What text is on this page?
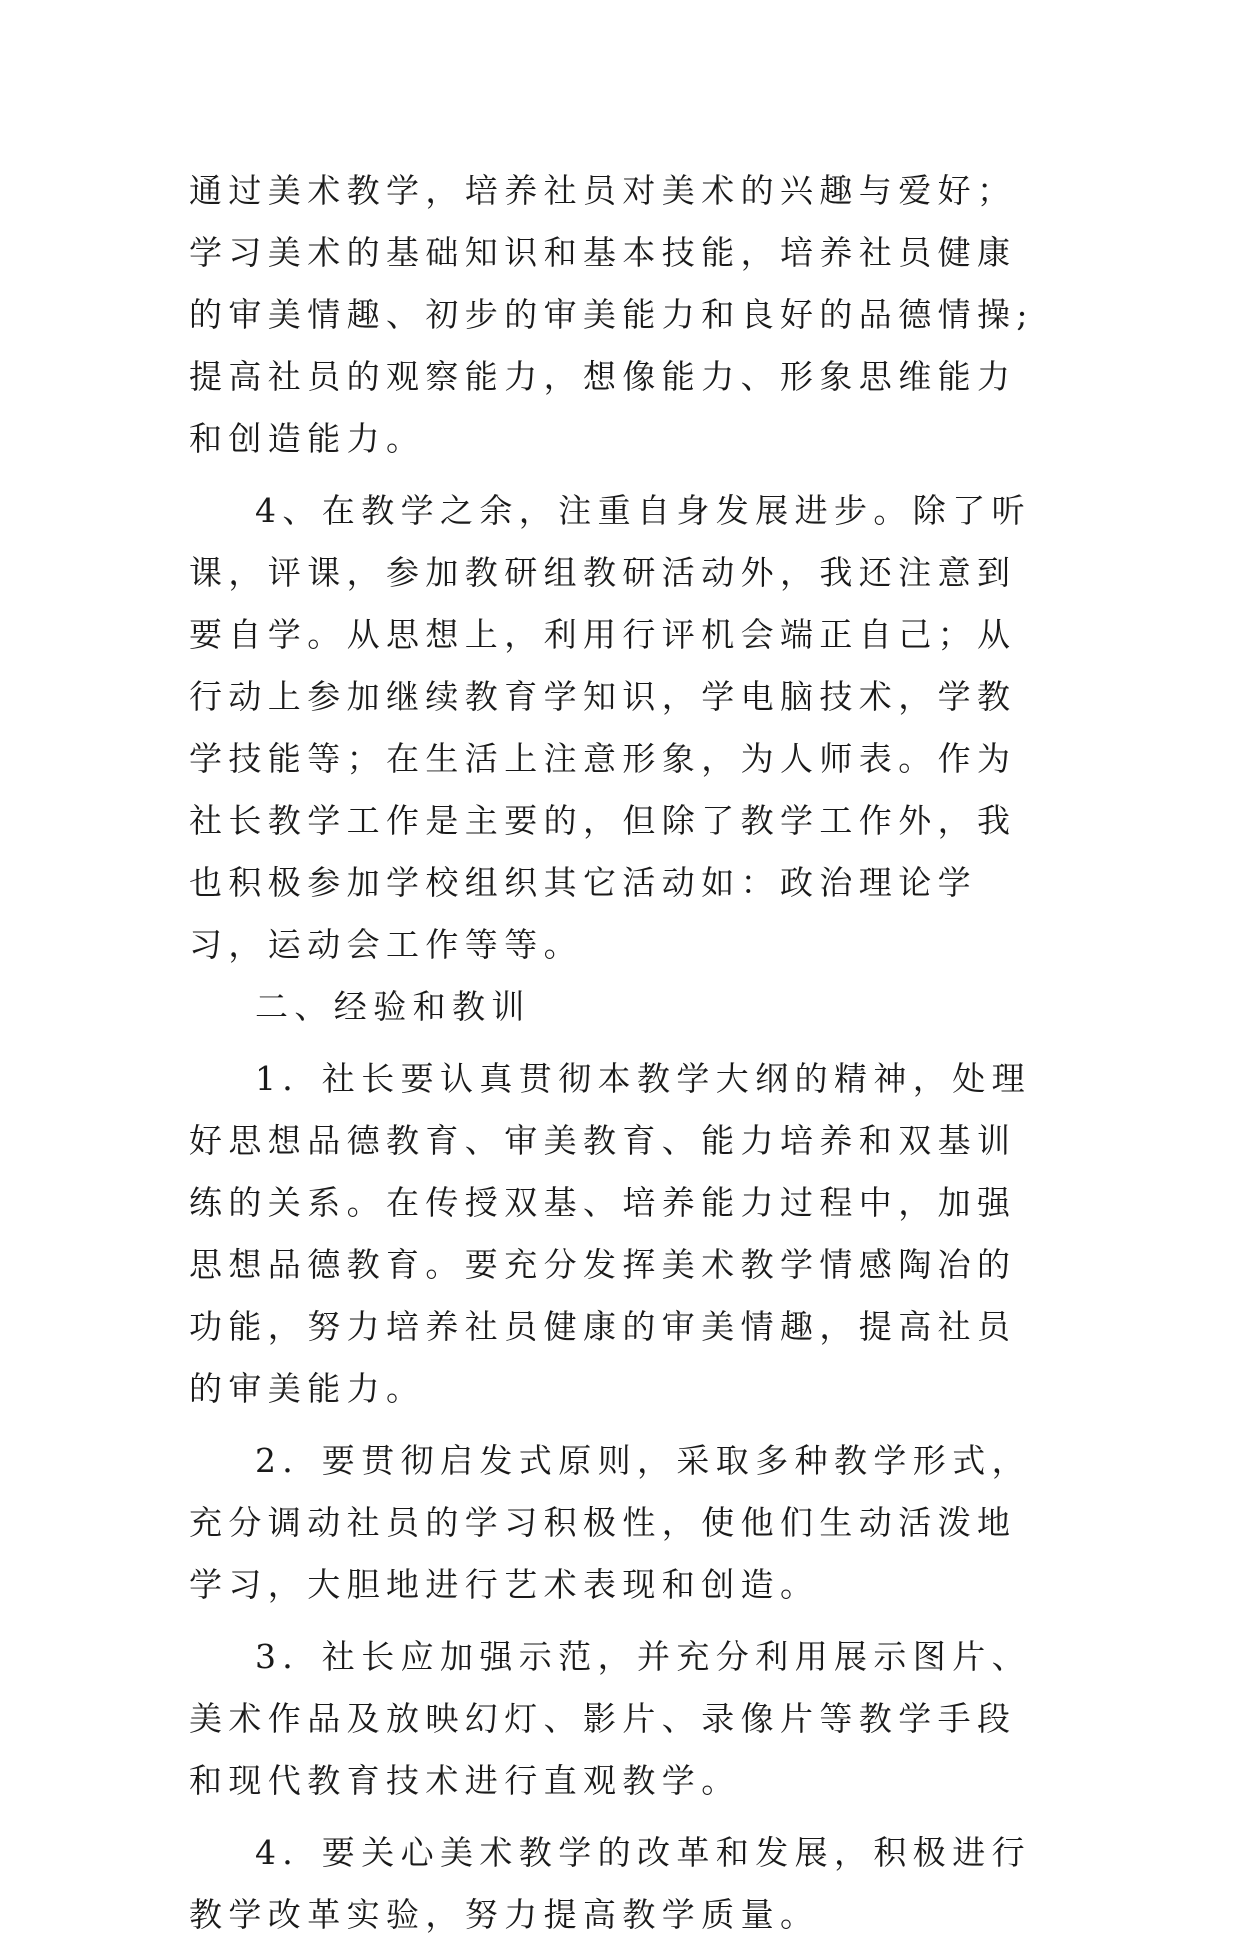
通过美术教学，培养社员对美术的兴趣与爱好；学习美术的基础知识和基本技能，培养社员健康的审美情趣、初步的审美能力和良好的品德情操;提高社员的观察能力，想像能力、形象思维能力和创造能力。

4、在教学之余，注重自身发展进步。除了听课，评课，参加教研组教研活动外，我还注意到要自学。从思想上，利用行评机会端正自己；从行动上参加继续教育学知识，学电脑技术，学教学技能等；在生活上注意形象，为人师表。作为社长教学工作是主要的，但除了教学工作外，我也积极参加学校组织其它活动如：政治理论学习，运动会工作等等。

二、经验和教训

1．社长要认真贯彻本教学大纲的精神，处理好思想品德教育、审美教育、能力培养和双基训练的关系。在传授双基、培养能力过程中，加强思想品德教育。要充分发挥美术教学情感陶冶的功能，努力培养社员健康的审美情趣，提高社员的审美能力。

2．要贯彻启发式原则，采取多种教学形式，充分调动社员的学习积极性，使他们生动活泼地学习，大胆地进行艺术表现和创造。

3．社长应加强示范，并充分利用展示图片、美术作品及放映幻灯、影片、录像片等教学手段和现代教育技术进行直观教学。

4．要关心美术教学的改革和发展，积极进行教学改革实验，努力提高教学质量。
